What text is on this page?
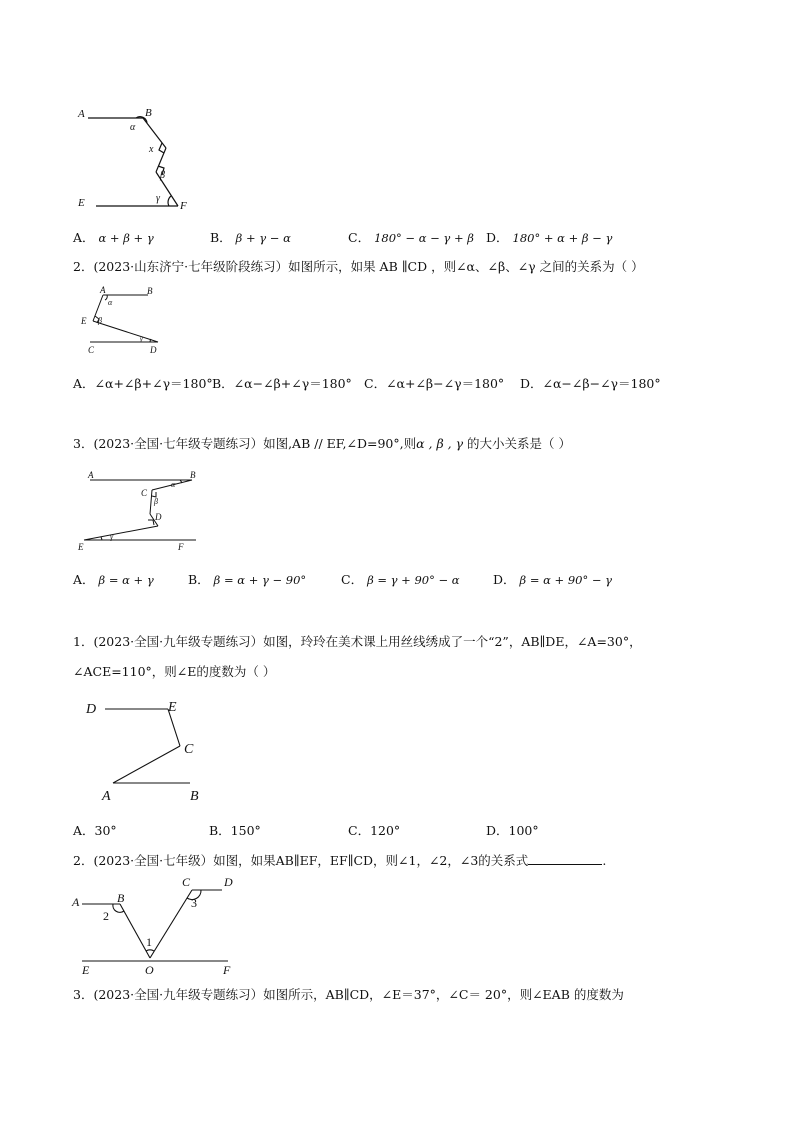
A	B
α
x
β
γ
E	F
A． α + β + γ	B． β + γ − α	C． 180° − α − γ + β D． 180° + α + β − γ
2．(2023·山东济宁·七年级阶段练习）如图所示，如果 AB ∥CD ，则∠α、∠β、∠γ 之间的关系为（ ）
A	B
α
E β
γ
C	D
A．∠α+∠β+∠γ＝180° B．∠α−∠β+∠γ＝180° C．∠α+∠β−∠γ＝180° D．∠α−∠β−∠γ＝180°
3．(2023·全国·七年级专题练习）如图,AB // EF,∠D=90°,则α , β , γ 的大小关系是（ ）
A	B
α
C
β
D
γ
E	F
A． β = α + γ	B． β = α + γ − 90°	C． β = γ + 90° − α	D． β = α + 90° − γ
1．(2023·全国·九年级专题练习）如图，玲玲在美术课上用丝线绣成了一个“2”，AB∥DE，∠A=30°，
∠ACE=110°，则∠E的度数为（ ）
D	E
C
A	B
A．30°	B．150°	C．120°	D．100°
2．(2023·全国·七年级）如图，如果AB∥EF，EF∥CD，则∠1，∠2，∠3的关系式	.
A	B
2
1
C	D
3
E	O	F
3．(2023·全国·九年级专题练习）如图所示，AB∥CD，∠E＝37°，∠C＝ 20°，则∠EAB 的度数为
